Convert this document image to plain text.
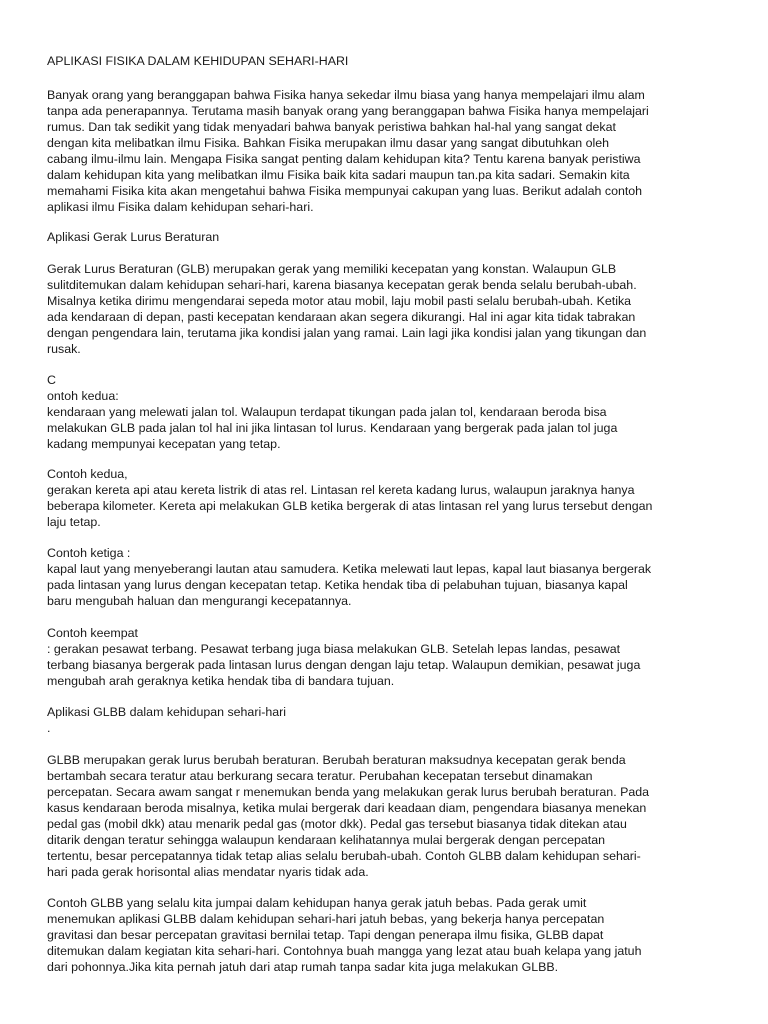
APLIKASI FISIKA DALAM KEHIDUPAN SEHARI-HARI
Banyak orang yang beranggapan bahwa Fisika hanya sekedar ilmu biasa yang hanya mempelajari ilmu alam
tanpa ada penerapannya. Terutama masih banyak orang yang beranggapan bahwa Fisika hanya mempelajari
rumus. Dan tak sedikit yang tidak menyadari bahwa banyak peristiwa bahkan hal-hal yang sangat dekat
dengan kita melibatkan ilmu Fisika. Bahkan Fisika merupakan ilmu dasar yang sangat dibutuhkan oleh
cabang ilmu-ilmu lain. Mengapa Fisika sangat penting dalam kehidupan kita? Tentu karena banyak peristiwa
dalam kehidupan kita yang melibatkan ilmu Fisika baik kita sadari maupun tan.pa kita sadari. Semakin kita
memahami Fisika kita akan mengetahui bahwa Fisika mempunyai cakupan yang luas. Berikut adalah contoh
aplikasi ilmu Fisika dalam kehidupan sehari-hari.
Aplikasi Gerak Lurus Beraturan
Gerak Lurus Beraturan (GLB) merupakan gerak yang memiliki kecepatan yang konstan. Walaupun GLB
sulitditemukan dalam kehidupan sehari-hari, karena biasanya kecepatan gerak benda selalu berubah-ubah.
Misalnya ketika dirimu mengendarai sepeda motor atau mobil, laju mobil pasti selalu berubah-ubah. Ketika
ada kendaraan di depan, pasti kecepatan kendaraan akan segera dikurangi. Hal ini agar kita tidak tabrakan
dengan pengendara lain, terutama jika kondisi jalan yang ramai. Lain lagi jika kondisi jalan yang tikungan dan
rusak.
C
ontoh kedua:
kendaraan yang melewati jalan tol. Walaupun terdapat tikungan pada jalan tol, kendaraan beroda bisa
melakukan GLB pada jalan tol hal ini jika lintasan tol lurus. Kendaraan yang bergerak pada jalan tol juga
kadang mempunyai kecepatan yang tetap.
Contoh kedua,
gerakan kereta api atau kereta listrik di atas rel. Lintasan rel kereta kadang lurus, walaupun jaraknya hanya
beberapa kilometer. Kereta api melakukan GLB ketika bergerak di atas lintasan rel yang lurus tersebut dengan
laju tetap.
Contoh ketiga :
kapal laut yang menyeberangi lautan atau samudera. Ketika melewati laut lepas, kapal laut biasanya bergerak
pada lintasan yang lurus dengan kecepatan tetap. Ketika hendak tiba di pelabuhan tujuan, biasanya kapal
baru mengubah haluan dan mengurangi kecepatannya.
Contoh keempat
: gerakan pesawat terbang. Pesawat terbang juga biasa melakukan GLB. Setelah lepas landas, pesawat
terbang biasanya bergerak pada lintasan lurus dengan dengan laju tetap. Walaupun demikian, pesawat juga
mengubah arah geraknya ketika hendak tiba di bandara tujuan.
Aplikasi GLBB dalam kehidupan sehari-hari
.
GLBB merupakan gerak lurus berubah beraturan. Berubah beraturan maksudnya kecepatan gerak benda
bertambah secara teratur atau berkurang secara teratur. Perubahan kecepatan tersebut dinamakan
percepatan. Secara awam sangat r menemukan benda yang melakukan gerak lurus berubah beraturan. Pada
kasus kendaraan beroda misalnya, ketika mulai bergerak dari keadaan diam, pengendara biasanya menekan
pedal gas (mobil dkk) atau menarik pedal gas (motor dkk). Pedal gas tersebut biasanya tidak ditekan atau
ditarik dengan teratur sehingga walaupun kendaraan kelihatannya mulai bergerak dengan percepatan
tertentu, besar percepatannya tidak tetap alias selalu berubah-ubah. Contoh GLBB dalam kehidupan sehari-
hari pada gerak horisontal alias mendatar nyaris tidak ada.
Contoh GLBB yang selalu kita jumpai dalam kehidupan hanya gerak jatuh bebas. Pada gerak umit
menemukan aplikasi GLBB dalam kehidupan sehari-hari jatuh bebas, yang bekerja hanya percepatan
gravitasi dan besar percepatan gravitasi bernilai tetap. Tapi dengan penerapa ilmu fisika, GLBB dapat
ditemukan dalam kegiatan kita sehari-hari. Contohnya buah mangga yang lezat atau buah kelapa yang jatuh
dari pohonnya.Jika kita pernah jatuh dari atap rumah tanpa sadar kita juga melakukan GLBB.
